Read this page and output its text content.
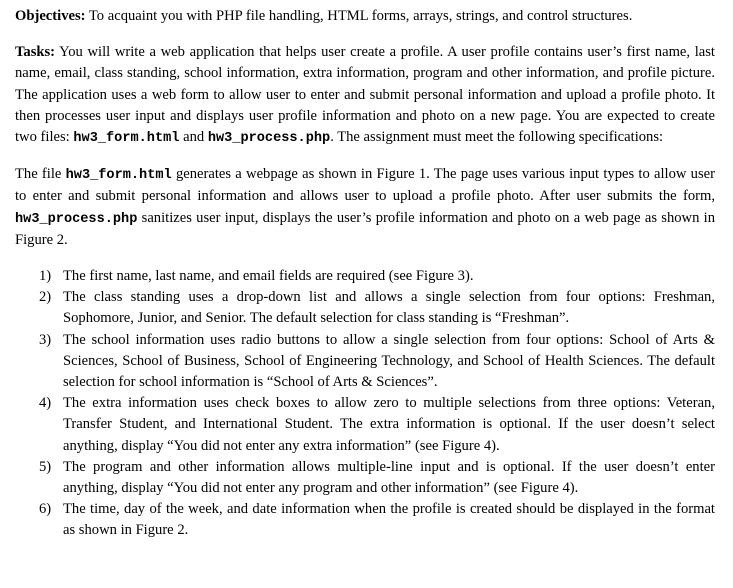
Objectives: To acquaint you with PHP file handling, HTML forms, arrays, strings, and control structures.

Tasks: You will write a web application that helps user create a profile. A user profile contains user’s first name, last name, email, class standing, school information, extra information, program and other information, and profile picture. The application uses a web form to allow user to enter and submit personal information and upload a profile photo. It then processes user input and displays user profile information and photo on a new page. You are expected to create two files: hw3_form.html and hw3_process.php. The assignment must meet the following specifications:

The file hw3_form.html generates a webpage as shown in Figure 1. The page uses various input types to allow user to enter and submit personal information and allows user to upload a profile photo. After user submits the form, hw3_process.php sanitizes user input, displays the user’s profile information and photo on a web page as shown in Figure 2.

1) The first name, last name, and email fields are required (see Figure 3).
2) The class standing uses a drop-down list and allows a single selection from four options: Freshman, Sophomore, Junior, and Senior. The default selection for class standing is “Freshman”.
3) The school information uses radio buttons to allow a single selection from four options: School of Arts & Sciences, School of Business, School of Engineering Technology, and School of Health Sciences. The default selection for school information is “School of Arts & Sciences”.
4) The extra information uses check boxes to allow zero to multiple selections from three options: Veteran, Transfer Student, and International Student. The extra information is optional. If the user doesn’t select anything, display “You did not enter any extra information” (see Figure 4).
5) The program and other information allows multiple-line input and is optional. If the user doesn’t enter anything, display “You did not enter any program and other information” (see Figure 4).
6) The time, day of the week, and date information when the profile is created should be displayed in the format as shown in Figure 2.
